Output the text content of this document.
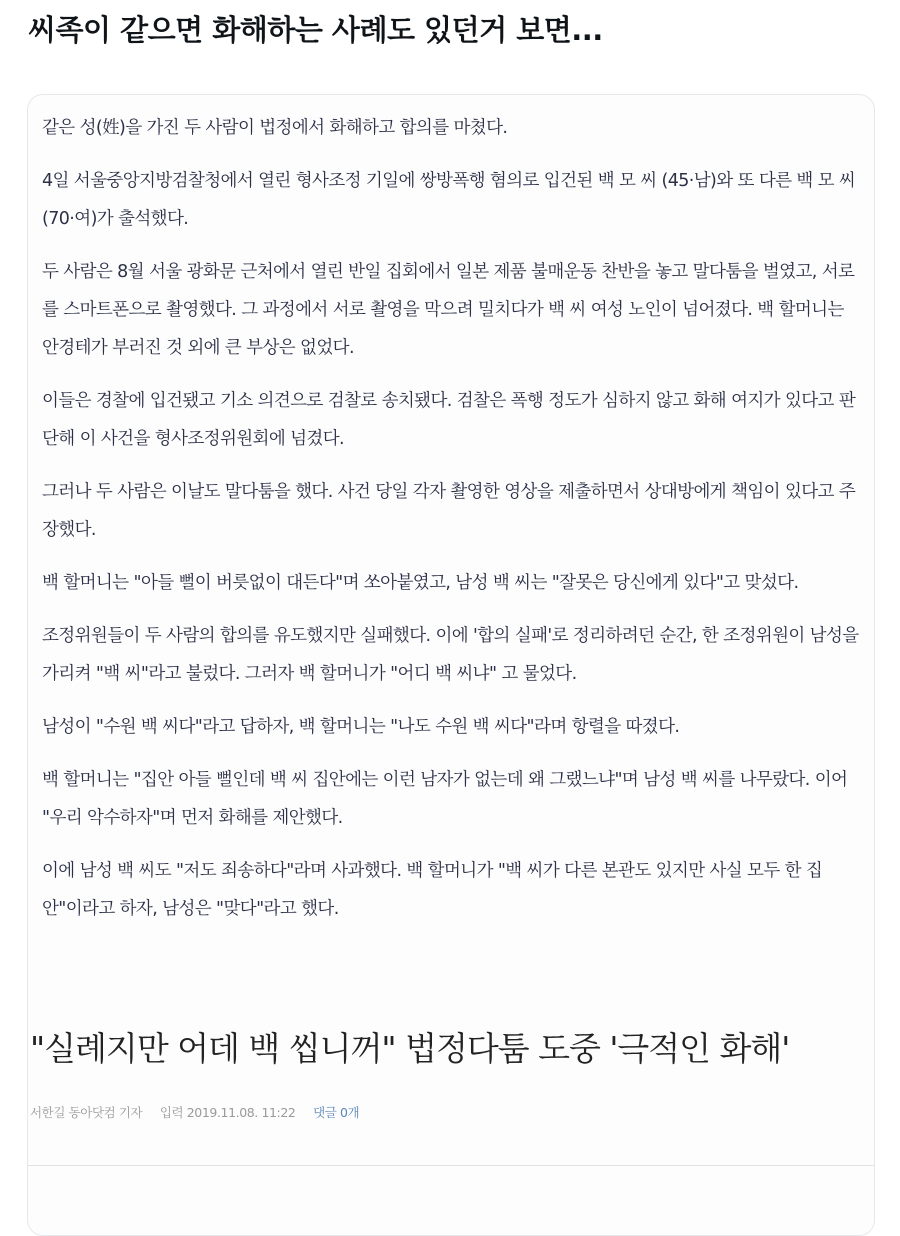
씨족이 같으면 화해하는 사례도 있던거 보면...

같은 성(姓)을 가진 두 사람이 법정에서 화해하고 합의를 마쳤다.

4일 서울중앙지방검찰청에서 열린 형사조정 기일에 쌍방폭행 혐의로 입건된 백 모 씨 (45·남)와 또 다른 백 모 씨(70·여)가 출석했다.

두 사람은 8월 서울 광화문 근처에서 열린 반일 집회에서 일본 제품 불매운동 찬반을 놓고 말다툼을 벌였고, 서로를 스마트폰으로 촬영했다. 그 과정에서 서로 촬영을 막으려 밀치다가 백 씨 여성 노인이 넘어졌다. 백 할머니는 안경테가 부러진 것 외에 큰 부상은 없었다.

이들은 경찰에 입건됐고 기소 의견으로 검찰로 송치됐다. 검찰은 폭행 정도가 심하지 않고 화해 여지가 있다고 판단해 이 사건을 형사조정위원회에 넘겼다.

그러나 두 사람은 이날도 말다툼을 했다. 사건 당일 각자 촬영한 영상을 제출하면서 상대방에게 책임이 있다고 주장했다.

백 할머니는 "아들 뻘이 버릇없이 대든다"며 쏘아붙였고, 남성 백 씨는 "잘못은 당신에게 있다"고 맞섰다.

조정위원들이 두 사람의 합의를 유도했지만 실패했다. 이에 '합의 실패'로 정리하려던 순간, 한 조정위원이 남성을 가리켜 "백 씨"라고 불렀다. 그러자 백 할머니가 "어디 백 씨냐" 고 물었다.

남성이 "수원 백 씨다"라고 답하자, 백 할머니는 "나도 수원 백 씨다"라며 항렬을 따졌다.

백 할머니는 "집안 아들 뻘인데 백 씨 집안에는 이런 남자가 없는데 왜 그랬느냐"며 남성 백 씨를 나무랐다. 이어 "우리 악수하자"며 먼저 화해를 제안했다.

이에 남성 백 씨도 "저도 죄송하다"라며 사과했다. 백 할머니가 "백 씨가 다른 본관도 있지만 사실 모두 한 집안"이라고 하자, 남성은 "맞다"라고 했다.

"실례지만 어데 백 씹니꺼" 법정다툼 도중 '극적인 화해'
서한길 동아닷컴 기자 입력 2019.11.08. 11:22 댓글 0개
